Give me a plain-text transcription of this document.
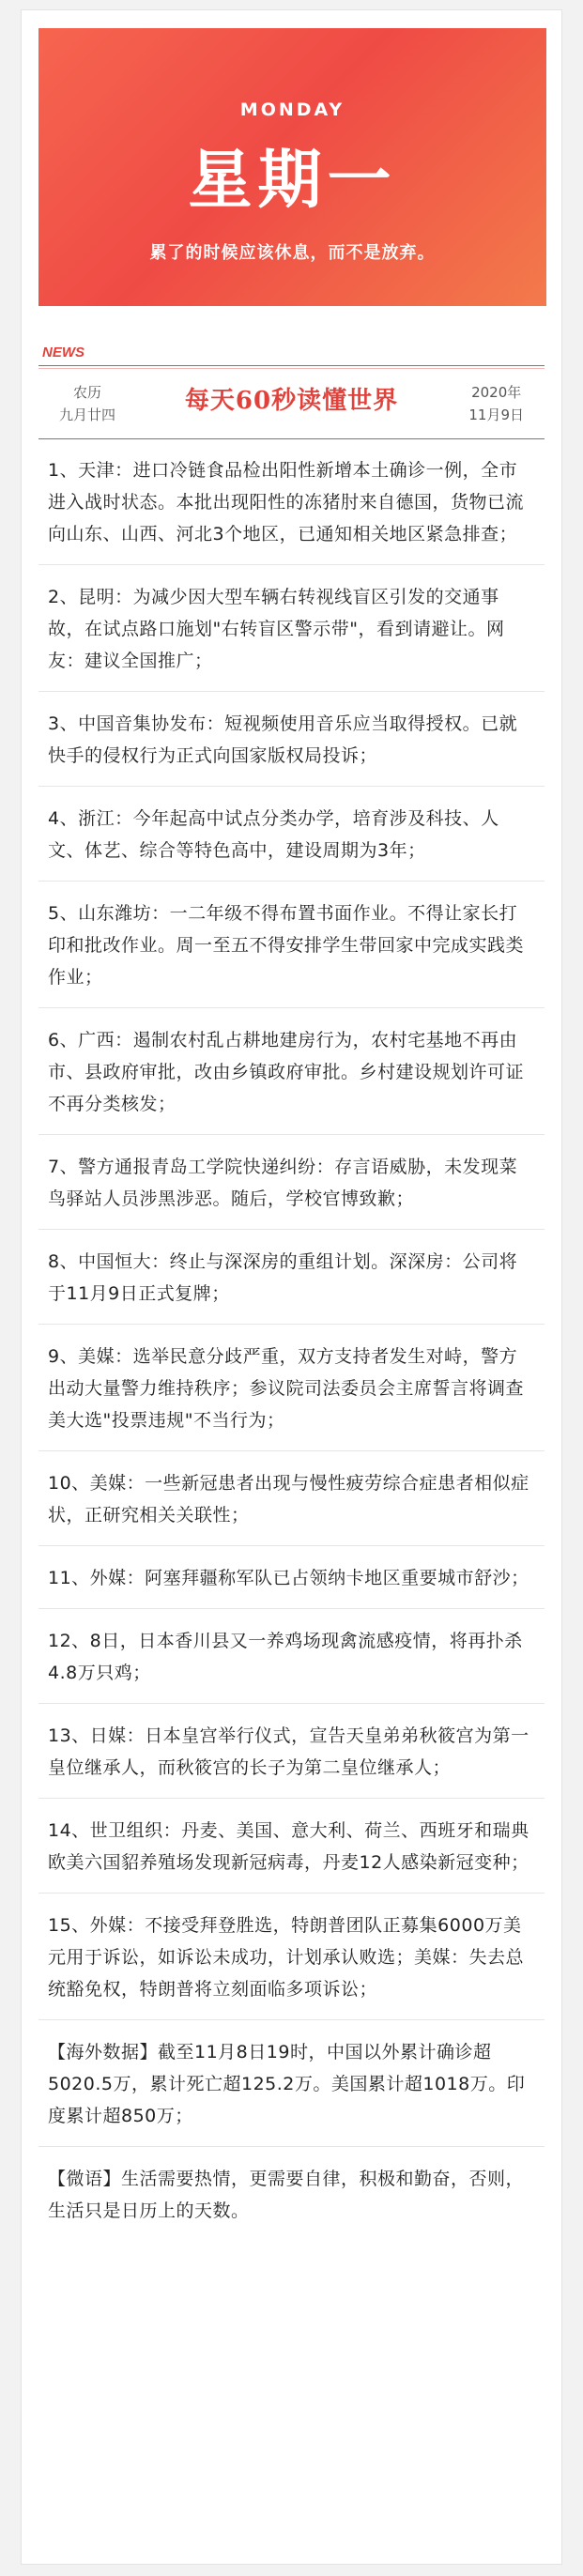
MONDAY
星期一
累了的时候应该休息，而不是放弃。
NEWS
农历
九月廿四	每天60秒读懂世界	2020年
11月9日
1、天津：进口冷链食品检出阳性新增本土确诊一例，全市进入战时状态。本批出现阳性的冻猪肘来自德国，货物已流向山东、山西、河北3个地区，已通知相关地区紧急排查；
2、昆明：为减少因大型车辆右转视线盲区引发的交通事故，在试点路口施划"右转盲区警示带"，看到请避让。网友：建议全国推广；
3、中国音集协发布：短视频使用音乐应当取得授权。已就快手的侵权行为正式向国家版权局投诉；
4、浙江：今年起高中试点分类办学，培育涉及科技、人文、体艺、综合等特色高中，建设周期为3年；
5、山东潍坊：一二年级不得布置书面作业。不得让家长打印和批改作业。周一至五不得安排学生带回家中完成实践类作业；
6、广西：遏制农村乱占耕地建房行为，农村宅基地不再由市、县政府审批，改由乡镇政府审批。乡村建设规划许可证不再分类核发；
7、警方通报青岛工学院快递纠纷：存言语威胁，未发现菜鸟驿站人员涉黑涉恶。随后，学校官博致歉；
8、中国恒大：终止与深深房的重组计划。深深房：公司将于11月9日正式复牌；
9、美媒：选举民意分歧严重，双方支持者发生对峙，警方出动大量警力维持秩序；参议院司法委员会主席誓言将调查美大选"投票违规"不当行为；
10、美媒：一些新冠患者出现与慢性疲劳综合症患者相似症状，正研究相关关联性；
11、外媒：阿塞拜疆称军队已占领纳卡地区重要城市舒沙；
12、8日，日本香川县又一养鸡场现禽流感疫情，将再扑杀4.8万只鸡；
13、日媒：日本皇宫举行仪式，宣告天皇弟弟秋筱宫为第一皇位继承人，而秋筱宫的长子为第二皇位继承人；
14、世卫组织：丹麦、美国、意大利、荷兰、西班牙和瑞典欧美六国貂养殖场发现新冠病毒，丹麦12人感染新冠变种；
15、外媒：不接受拜登胜选，特朗普团队正募集6000万美元用于诉讼，如诉讼未成功，计划承认败选；美媒：失去总统豁免权，特朗普将立刻面临多项诉讼；
【海外数据】截至11月8日19时，中国以外累计确诊超5020.5万，累计死亡超125.2万。美国累计超1018万。印度累计超850万；
【微语】生活需要热情，更需要自律，积极和勤奋，否则，生活只是日历上的天数。
